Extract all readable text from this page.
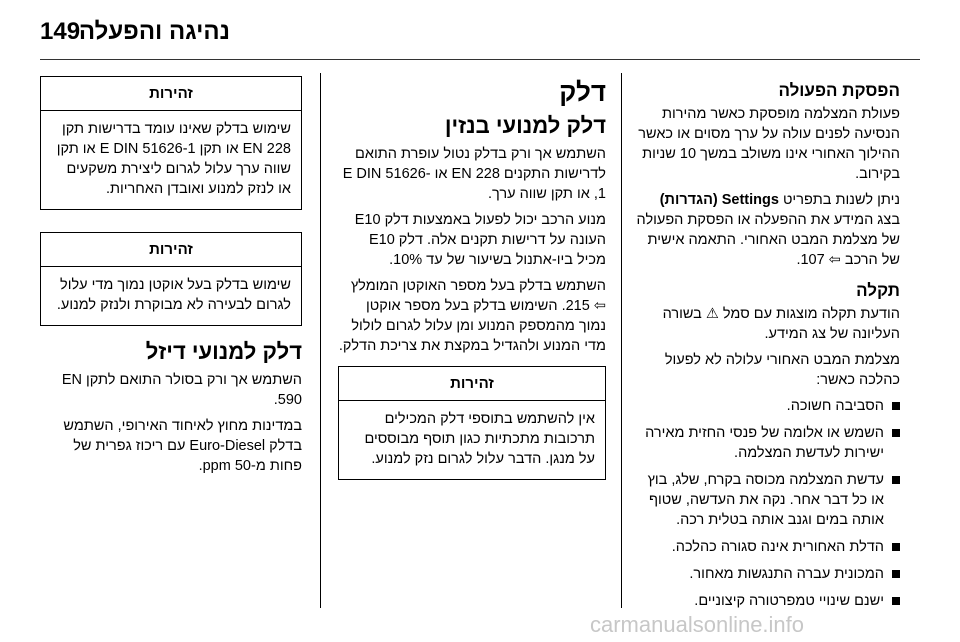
149
נהיגה והפעלה
הפסקת הפעולה

פעולת המצלמה מופסקת כאשר מהירות הנסיעה לפנים עולה על ערך מסוים או כאשר ההילוך האחורי אינו משולב במשך 10 שניות בקירוב.

ניתן לשנות בתפריט Settings (הגדרות) בצג המידע את ההפעלה או הפסקת הפעולה של מצלמת המבט האחורי. התאמה אישית של הרכב ⇦ 107.

תקלה

הודעת תקלה מוצגות עם סמל ⚠ בשורה העליונה של צג המידע.

מצלמת המבט האחורי עלולה לא לפעול כהלכה כאשר:

הסביבה חשוכה.
השמש או אלומה של פנסי החזית מאירה ישירות לעדשת המצלמה.
עדשת המצלמה מכוסה בקרח, שלג, בוץ או כל דבר אחר. נקה את העדשה, שטוף אותה במים וגנב אותה בטלית רכה.
הדלת האחורית אינה סגורה כהלכה.
המכונית עברה התנגשות מאחור.
ישנם שינויי טמפרטורה קיצוניים.
דלק
דלק למנועי בנזין

השתמש אך ורק בדלק נטול עופרת התואם לדרישות התקנים EN 228 או E DIN 51626-1, או תקן שווה ערך.

מנוע הרכב יכול לפעול באמצעות דלק E10 העונה על דרישות תקנים אלה. דלק E10 מכיל ביו-אתנול בשיעור של עד 10%.

השתמש בדלק בעל מספר האוקטן המומלץ ⇦ 215. השימוש בדלק בעל מספר אוקטן נמוך מהמספק המנוע ומן עלול לגרום לולול מדי המנוע ולהגדיל במקצת את צריכת הדלק.

זהירות
אין להשתמש בתוספי דלק המכילים תרכובות מתכתיות כגון תוסף מבוססים על מנגן. הדבר עלול לגרום נזק למנוע.
זהירות
שימוש בדלק שאינו עומד בדרישות תקן EN 228 או תקן E DIN 51626-1 או תקן שווה ערך עלול לגרום ליצירת משקעים או לנזק למנוע ואובדן האחריות.
זהירות
שימוש בדלק בעל אוקטן נמוך מדי עלול לגרום לבעירה לא מבוקרת ולנזק למנוע.
דלק למנועי דיזל

השתמש אך ורק בסולר התואם לתקן EN 590.

במדינות מחוץ לאיחוד האירופי, השתמש בדלק Euro-Diesel עם ריכוז גפרית של פחות מ-50 ppm.

carmanualsonline.info
